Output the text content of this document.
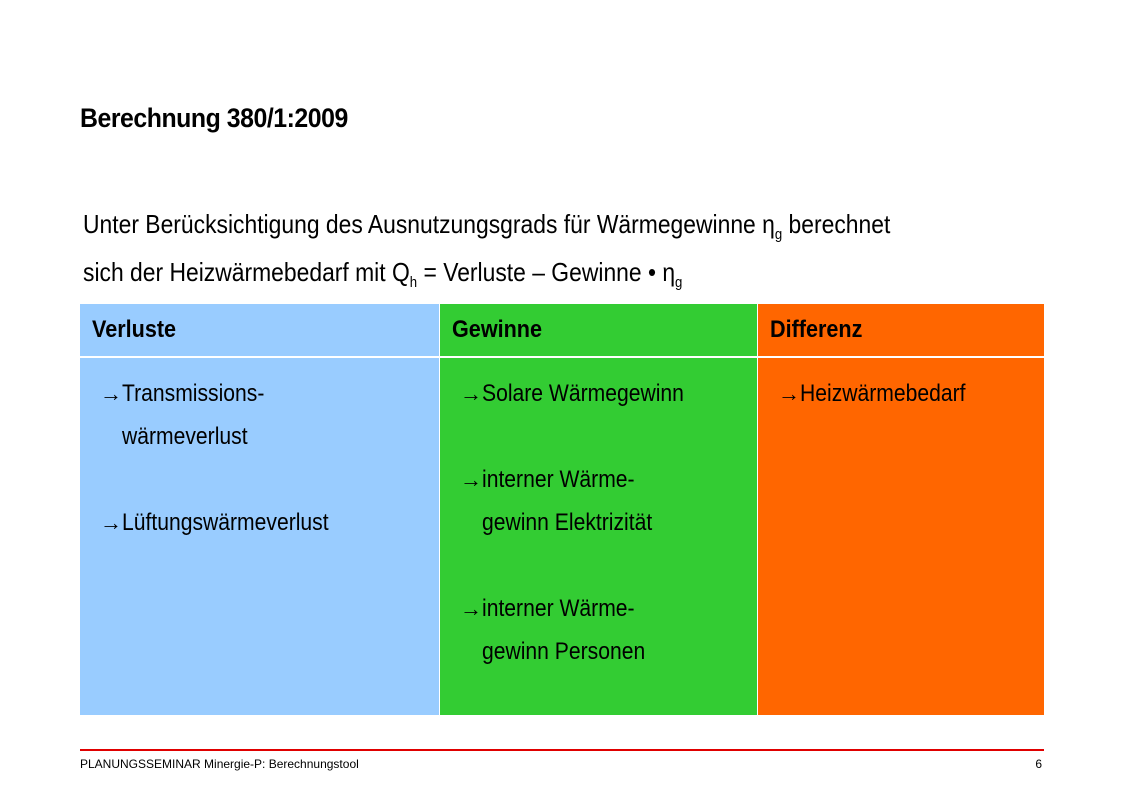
Berechnung 380/1:2009
Unter Berücksichtigung des Ausnutzungsgrads für Wärmegewinne $\eta_g$ berechnet
sich der Heizwärmebedarf mit $Q_h$ = Verluste – Gewinne • $\eta_g$
Verluste
→ Transmissions-
wärmeverlust
→ Lüftungswärmeverlust
Gewinne
→ Solare Wärmegewinn
→ interner Wärme-
gewinn Elektrizität
→ interner Wärme-
gewinn Personen
Differenz
→ Heizwärmebedarf
PLANUNGSSEMINAR Minergie-P: Berechnungstool	6
